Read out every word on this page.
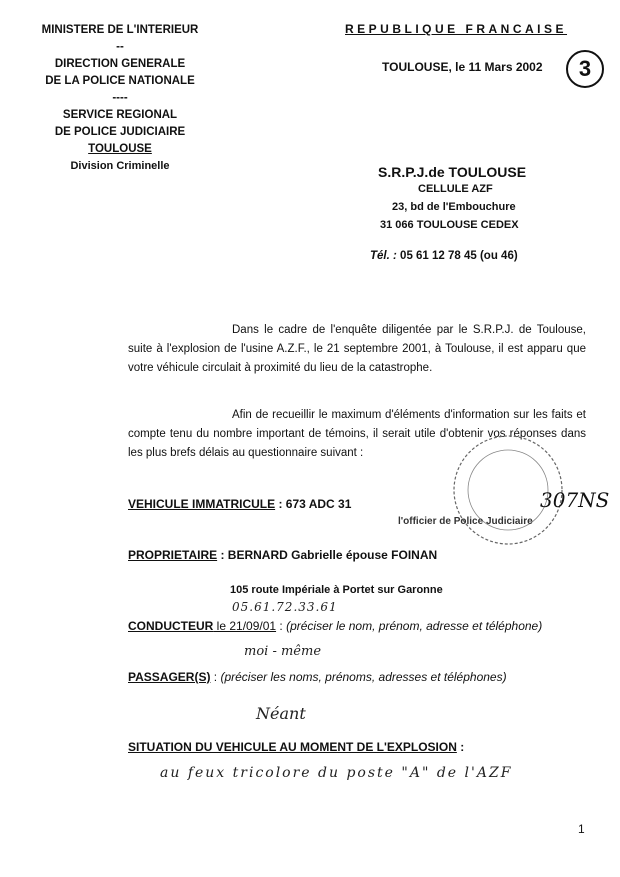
MINISTERE DE L'INTERIEUR
--
DIRECTION GENERALE
DE LA POLICE NATIONALE
----
SERVICE REGIONAL
DE POLICE JUDICIAIRE
TOULOUSE
Division Criminelle
REPUBLIQUE FRANCAISE
TOULOUSE, le 11 Mars 2002	3
S.R.P.J.de TOULOUSE
CELLULE AZF
23, bd de l'Embouchure
31 066 TOULOUSE CEDEX
Tél. : 05 61 12 78 45 (ou 46)
Dans le cadre de l'enquête diligentée par le S.R.P.J. de Toulouse, suite à l'explosion de l'usine A.Z.F., le 21 septembre 2001, à Toulouse, il est apparu que votre véhicule circulait à proximité du lieu de la catastrophe.
Afin de recueillir le maximum d'éléments d'information sur les faits et compte tenu du nombre important de témoins, il serait utile d'obtenir vos réponses dans les plus brefs délais au questionnaire suivant :
307NS
l'officier de Police Judiciaire
VEHICULE IMMATRICULE : 673 ADC 31
PROPRIETAIRE : BERNARD Gabrielle épouse FOINAN
105 route Impériale à Portet sur Garonne
05.61.72.33.61
CONDUCTEUR le 21/09/01 : (préciser le nom, prénom, adresse et téléphone)
moi - même
PASSAGER(S) : (préciser les noms, prénoms, adresses et téléphones)
Néant
SITUATION DU VEHICULE AU MOMENT DE L'EXPLOSION :
au feux tricolore du poste "A" de l'AZF
1
